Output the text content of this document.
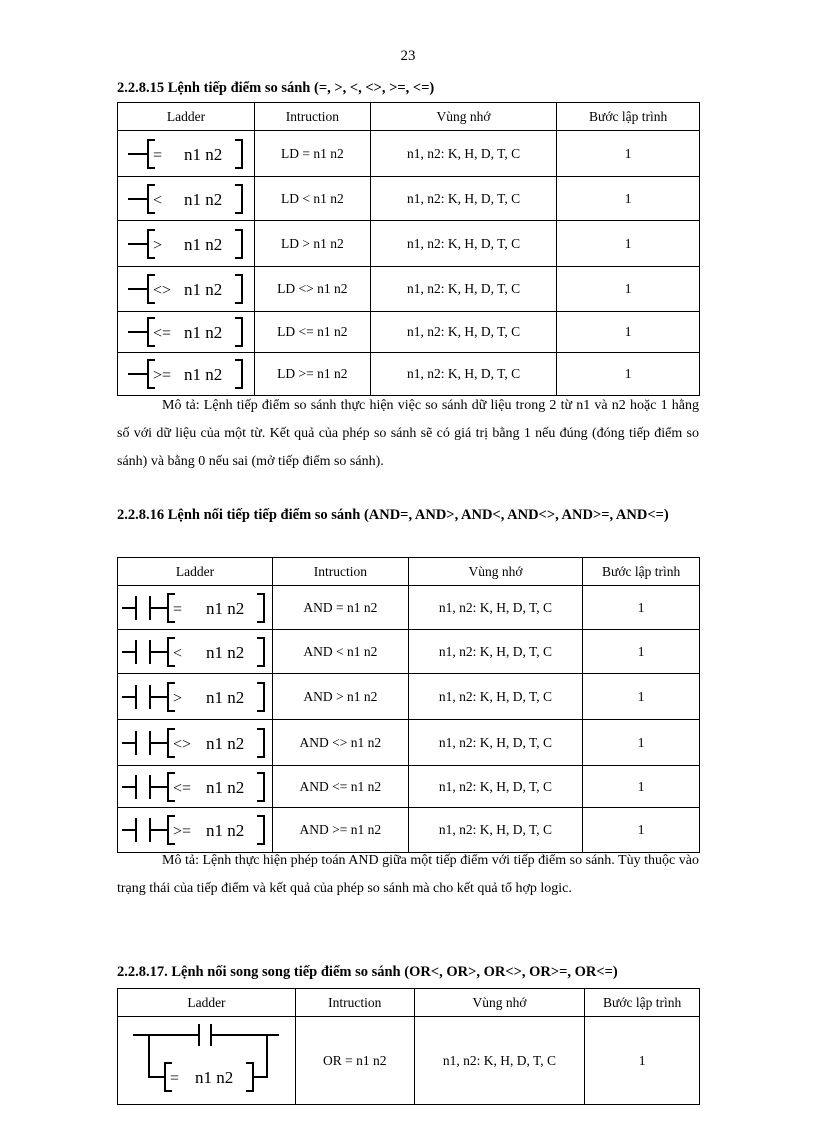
23
2.2.8.15 Lệnh tiếp điểm so sánh (=, >, <, <>, >=, <=)
Ladder	Intruction	Vùng nhớ	Bước lập trình

= n1 n2	LD = n1 n2	n1, n2: K, H, D, T, C	1

< n1 n2	LD < n1 n2	n1, n2: K, H, D, T, C	1

> n1 n2	LD > n1 n2	n1, n2: K, H, D, T, C	1

<> n1 n2	LD <> n1 n2	n1, n2: K, H, D, T, C	1

<= n1 n2	LD <= n1 n2	n1, n2: K, H, D, T, C	1

>= n1 n2	LD >= n1 n2	n1, n2: K, H, D, T, C	1
Mô tả: Lệnh tiếp điểm so sánh thực hiện việc so sánh dữ liệu trong 2 từ n1 và n2 hoặc 1 hằng số với dữ liệu của một từ. Kết quả của phép so sánh sẽ có giá trị bằng 1 nếu đúng (đóng tiếp điểm so sánh) và bằng 0 nếu sai (mở tiếp điểm so sánh).
2.2.8.16 Lệnh nối tiếp tiếp điểm so sánh (AND=, AND>, AND<, AND<>, AND>=, AND<=)
Ladder	Intruction	Vùng nhớ	Bước lập trình

= n1 n2	AND = n1 n2	n1, n2: K, H, D, T, C	1

< n1 n2	AND < n1 n2	n1, n2: K, H, D, T, C	1

> n1 n2	AND > n1 n2	n1, n2: K, H, D, T, C	1

<> n1 n2	AND <> n1 n2	n1, n2: K, H, D, T, C	1

<= n1 n2	AND <= n1 n2	n1, n2: K, H, D, T, C	1

>= n1 n2	AND >= n1 n2	n1, n2: K, H, D, T, C	1
Mô tả: Lệnh thực hiện phép toán AND giữa một tiếp điểm với tiếp điểm so sánh. Tùy thuộc vào trạng thái của tiếp điểm và kết quả của phép so sánh mà cho kết quả tổ hợp logic.
2.2.8.17. Lệnh nối song song tiếp điểm so sánh (OR<, OR>, OR<>, OR>=, OR<=)
Ladder	Intruction	Vùng nhớ	Bước lập trình

= n1 n2	OR = n1 n2	n1, n2: K, H, D, T, C	1
